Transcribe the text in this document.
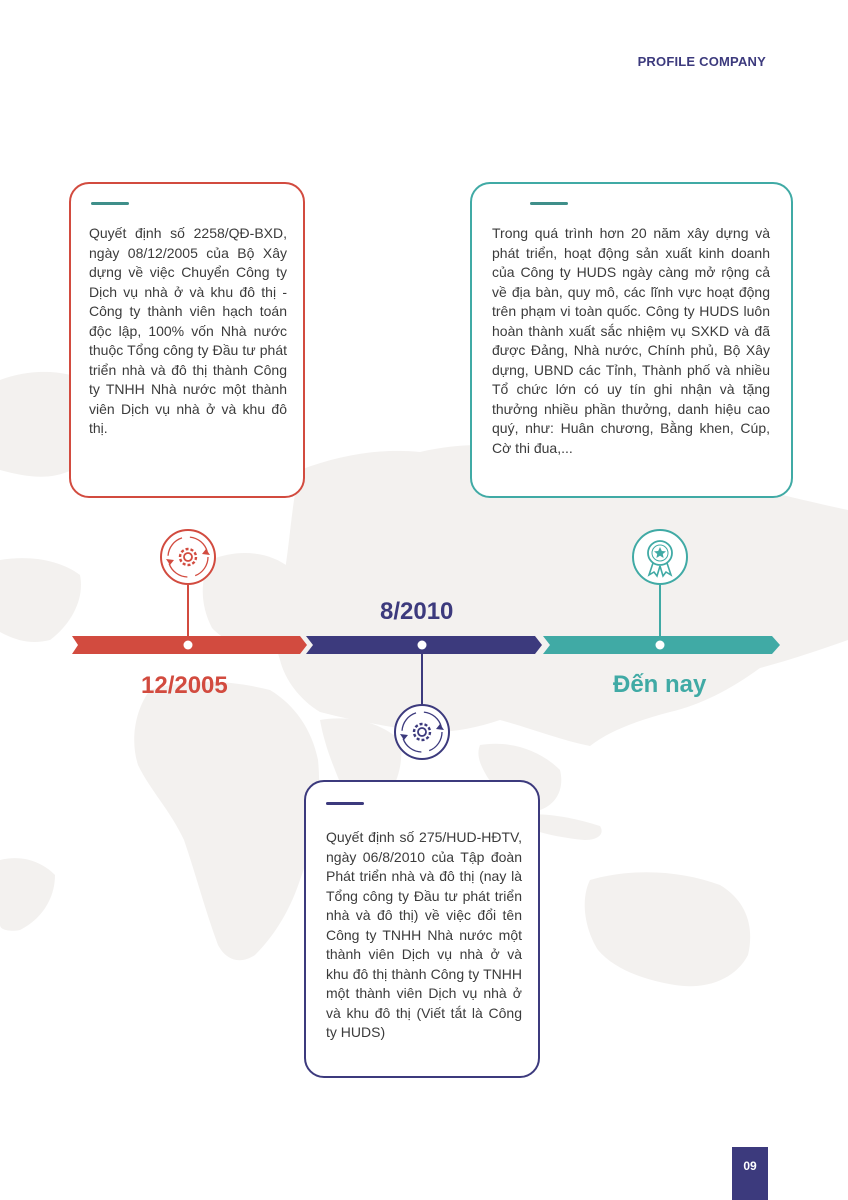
PROFILE COMPANY
Quyết định số 2258/QĐ-BXD, ngày 08/12/2005 của Bộ Xây dựng về việc Chuyển Công ty Dịch vụ nhà ở và khu đô thị - Công ty thành viên hạch toán độc lập, 100% vốn Nhà nước thuộc Tổng công ty Đầu tư phát triển nhà và đô thị thành Công ty TNHH Nhà nước một thành viên Dịch vụ nhà ở và khu đô thị.
Trong quá trình hơn 20 năm xây dựng và phát triển, hoạt động sản xuất kinh doanh của Công ty HUDS ngày càng mở rộng cả về địa bàn, quy mô, các lĩnh vực hoạt động trên phạm vi toàn quốc. Công ty HUDS luôn hoàn thành xuất sắc nhiệm vụ SXKD và đã được Đảng, Nhà nước, Chính phủ, Bộ Xây dựng, UBND các Tỉnh, Thành phố và nhiều Tổ chức lớn có uy tín ghi nhận và tặng thưởng nhiều phần thưởng, danh hiệu cao quý, như: Huân chương, Bằng khen, Cúp, Cờ thi đua,...
Quyết định số 275/HUD-HĐTV, ngày 06/8/2010 của Tập đoàn Phát triển nhà và đô thị (nay là Tổng công ty Đầu tư phát triển nhà và đô thị) về việc đổi tên Công ty TNHH Nhà nước một thành viên Dịch vụ nhà ở và khu đô thị thành Công ty TNHH một thành viên Dịch vụ nhà ở và khu đô thị (Viết tắt là Công ty HUDS)
12/2005
8/2010
Đến nay
09
